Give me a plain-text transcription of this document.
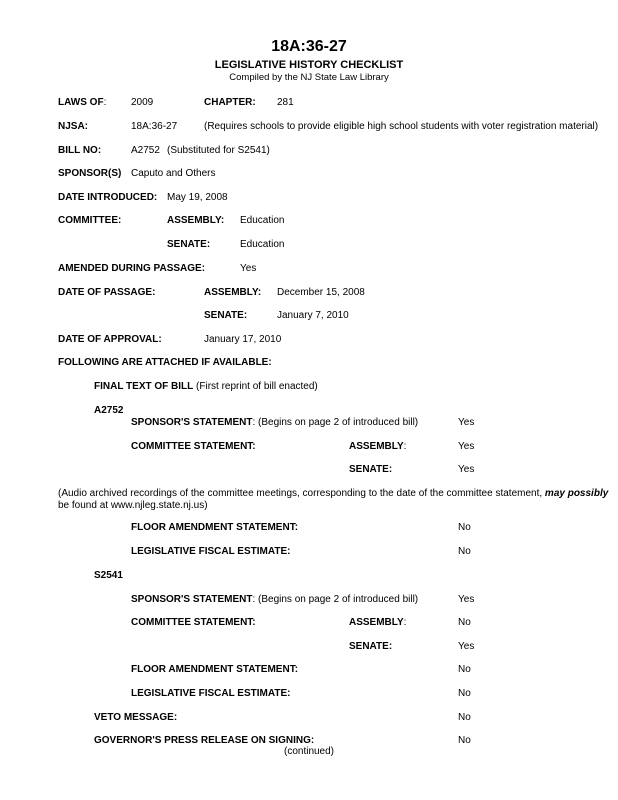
18A:36-27
LEGISLATIVE HISTORY CHECKLIST
Compiled by the NJ State Law Library
LAWS OF: 2009	CHAPTER: 281
NJSA:	18A:36-27	(Requires schools to provide eligible high school students with voter registration material)
BILL NO:	A2752 (Substituted for S2541)
SPONSOR(S) Caputo and Others
DATE INTRODUCED: May 19, 2008
COMMITTEE:	ASSEMBLY: Education
SENATE:	Education
AMENDED DURING PASSAGE:	Yes
DATE OF PASSAGE:	ASSEMBLY: December 15, 2008
SENATE:	January 7, 2010
DATE OF APPROVAL:	January 17, 2010
FOLLOWING ARE ATTACHED IF AVAILABLE:
FINAL TEXT OF BILL (First reprint of bill enacted)
A2752
SPONSOR'S STATEMENT: (Begins on page 2 of introduced bill)	Yes
COMMITTEE STATEMENT:	ASSEMBLY:	Yes
SENATE:	Yes
(Audio archived recordings of the committee meetings, corresponding to the date of the committee statement, may possibly
be found at www.njleg.state.nj.us)
FLOOR AMENDMENT STATEMENT:	No
LEGISLATIVE FISCAL ESTIMATE:	No
S2541
SPONSOR'S STATEMENT: (Begins on page 2 of introduced bill)	Yes
COMMITTEE STATEMENT:	ASSEMBLY:	No
SENATE:	Yes
FLOOR AMENDMENT STATEMENT:	No
LEGISLATIVE FISCAL ESTIMATE:	No
VETO MESSAGE:	No
GOVERNOR'S PRESS RELEASE ON SIGNING:	No
(continued)
